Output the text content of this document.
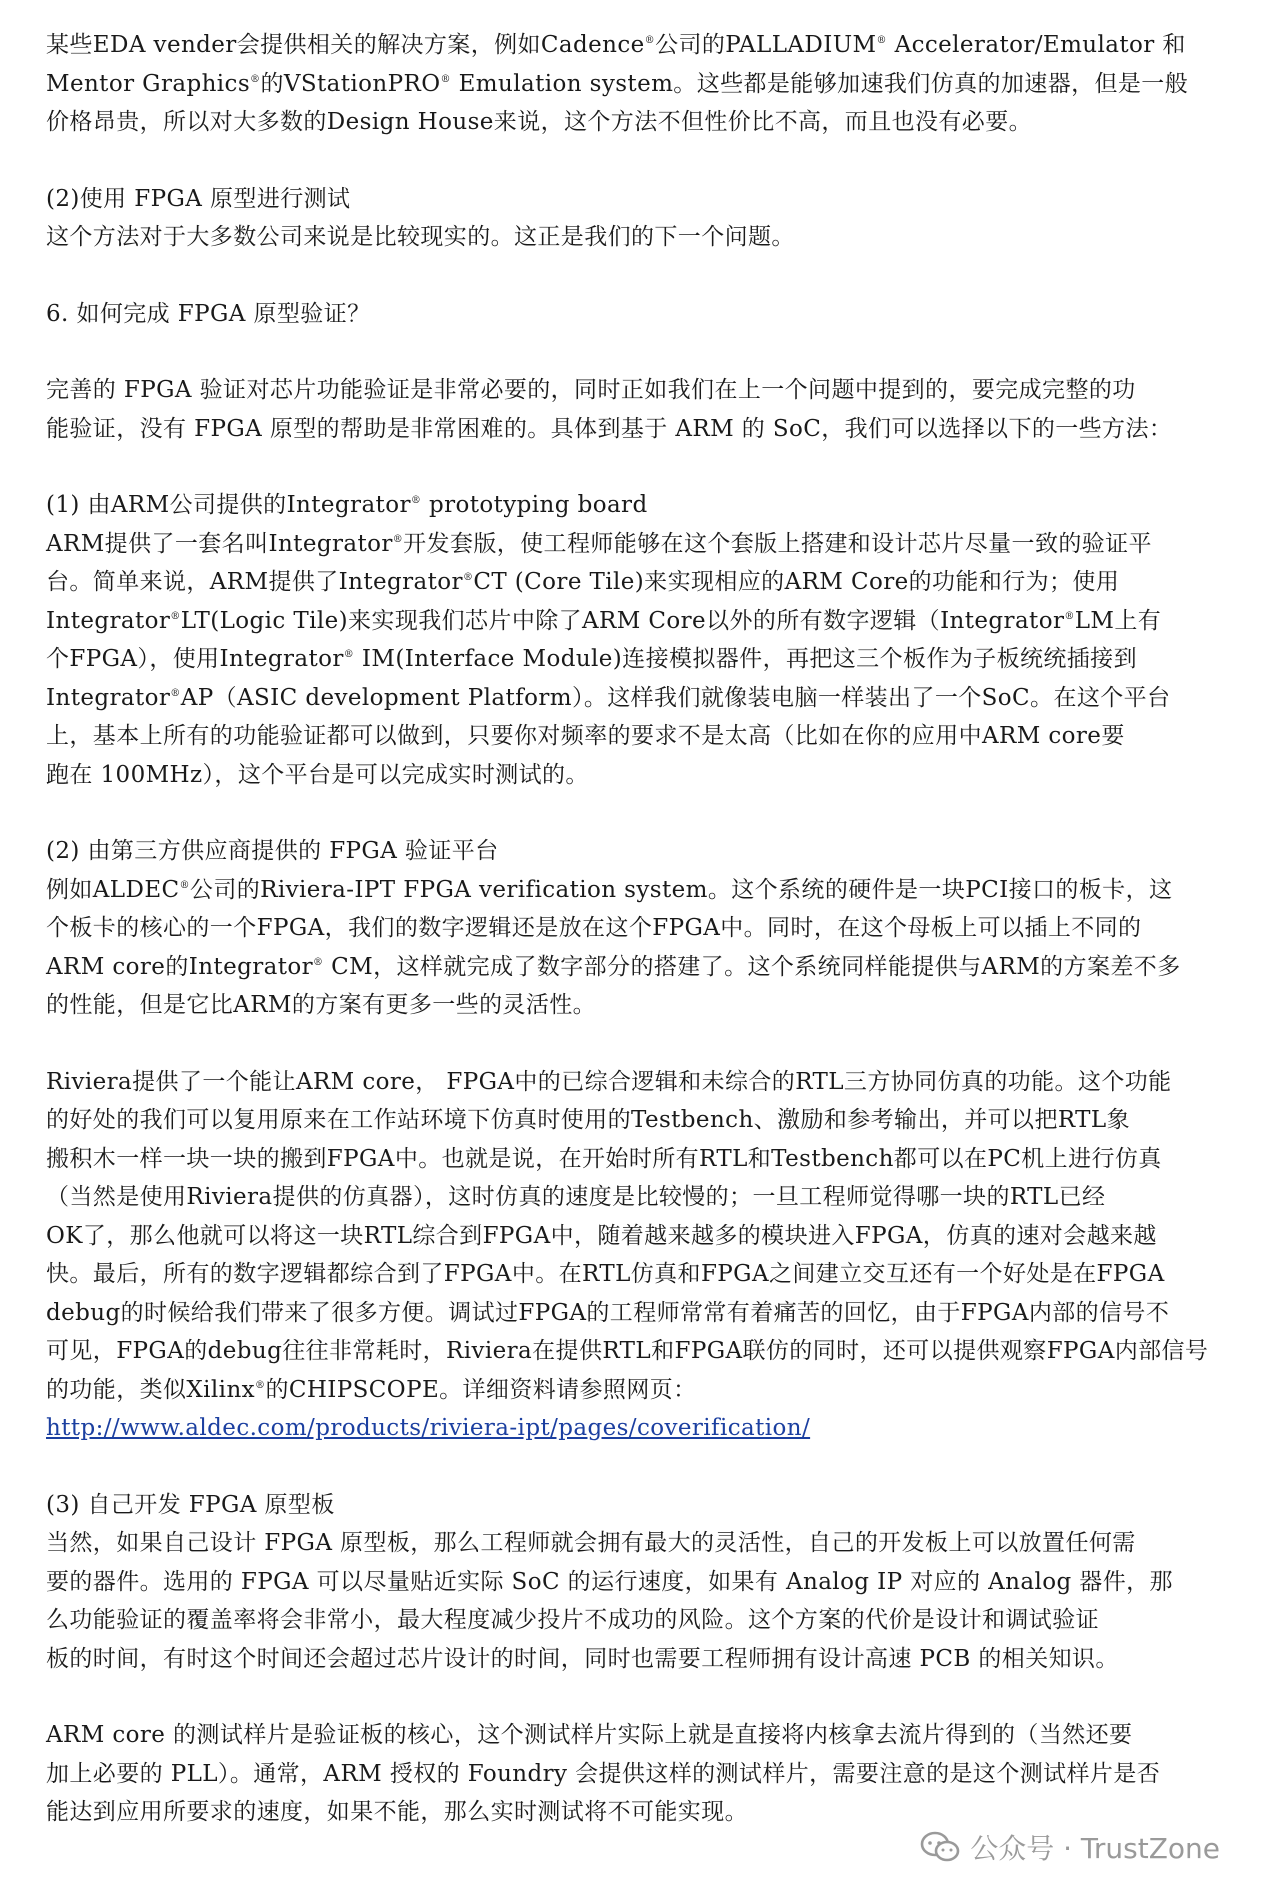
某些EDA vender会提供相关的解决方案，例如Cadence®公司的PALLADIUM® Accelerator/Emulator 和

Mentor Graphics®的VStationPRO® Emulation system。这些都是能够加速我们仿真的加速器，但是一般

价格昂贵，所以对大多数的Design House来说，这个方法不但性价比不高，而且也没有必要。

(2)使用 FPGA 原型进行测试

这个方法对于大多数公司来说是比较现实的。这正是我们的下一个问题。

6. 如何完成 FPGA 原型验证？

完善的 FPGA 验证对芯片功能验证是非常必要的，同时正如我们在上一个问题中提到的，要完成完整的功

能验证，没有 FPGA 原型的帮助是非常困难的。具体到基于 ARM 的 SoC，我们可以选择以下的一些方法：

(1) 由ARM公司提供的Integrator® prototyping board

ARM提供了一套名叫Integrator®开发套版，使工程师能够在这个套版上搭建和设计芯片尽量一致的验证平

台。简单来说，ARM提供了Integrator®CT (Core Tile)来实现相应的ARM Core的功能和行为；使用

Integrator®LT(Logic Tile)来实现我们芯片中除了ARM Core以外的所有数字逻辑（Integrator®LM上有

个FPGA），使用Integrator® IM(Interface Module)连接模拟器件，再把这三个板作为子板统统插接到

Integrator®AP（ASIC development Platform）。这样我们就像装电脑一样装出了一个SoC。在这个平台

上，基本上所有的功能验证都可以做到，只要你对频率的要求不是太高（比如在你的应用中ARM core要

跑在 100MHz），这个平台是可以完成实时测试的。

(2) 由第三方供应商提供的 FPGA 验证平台

例如ALDEC®公司的Riviera-IPT FPGA verification system。这个系统的硬件是一块PCI接口的板卡，这

个板卡的核心的一个FPGA，我们的数字逻辑还是放在这个FPGA中。同时，在这个母板上可以插上不同的

ARM core的Integrator® CM，这样就完成了数字部分的搭建了。这个系统同样能提供与ARM的方案差不多

的性能，但是它比ARM的方案有更多一些的灵活性。

Riviera提供了一个能让ARM core， FPGA中的已综合逻辑和未综合的RTL三方协同仿真的功能。这个功能

的好处的我们可以复用原来在工作站环境下仿真时使用的Testbench、激励和参考输出，并可以把RTL象

搬积木一样一块一块的搬到FPGA中。也就是说，在开始时所有RTL和Testbench都可以在PC机上进行仿真

（当然是使用Riviera提供的仿真器），这时仿真的速度是比较慢的；一旦工程师觉得哪一块的RTL已经

OK了，那么他就可以将这一块RTL综合到FPGA中，随着越来越多的模块进入FPGA，仿真的速对会越来越

快。最后，所有的数字逻辑都综合到了FPGA中。在RTL仿真和FPGA之间建立交互还有一个好处是在FPGA

debug的时候给我们带来了很多方便。调试过FPGA的工程师常常有着痛苦的回忆，由于FPGA内部的信号不

可见，FPGA的debug往往非常耗时，Riviera在提供RTL和FPGA联仿的同时，还可以提供观察FPGA内部信号

的功能，类似Xilinx®的CHIPSCOPE。详细资料请参照网页：

http://www.aldec.com/products/riviera-ipt/pages/coverification/

(3) 自己开发 FPGA 原型板

当然，如果自己设计 FPGA 原型板，那么工程师就会拥有最大的灵活性，自己的开发板上可以放置任何需

要的器件。选用的 FPGA 可以尽量贴近实际 SoC 的运行速度，如果有 Analog IP 对应的 Analog 器件，那

么功能验证的覆盖率将会非常小，最大程度减少投片不成功的风险。这个方案的代价是设计和调试验证

板的时间，有时这个时间还会超过芯片设计的时间，同时也需要工程师拥有设计高速 PCB 的相关知识。

ARM core 的测试样片是验证板的核心，这个测试样片实际上就是直接将内核拿去流片得到的（当然还要

加上必要的 PLL）。通常，ARM 授权的 Foundry 会提供这样的测试样片，需要注意的是这个测试样片是否

能达到应用所要求的速度，如果不能，那么实时测试将不可能实现。

公众号 · TrustZone
